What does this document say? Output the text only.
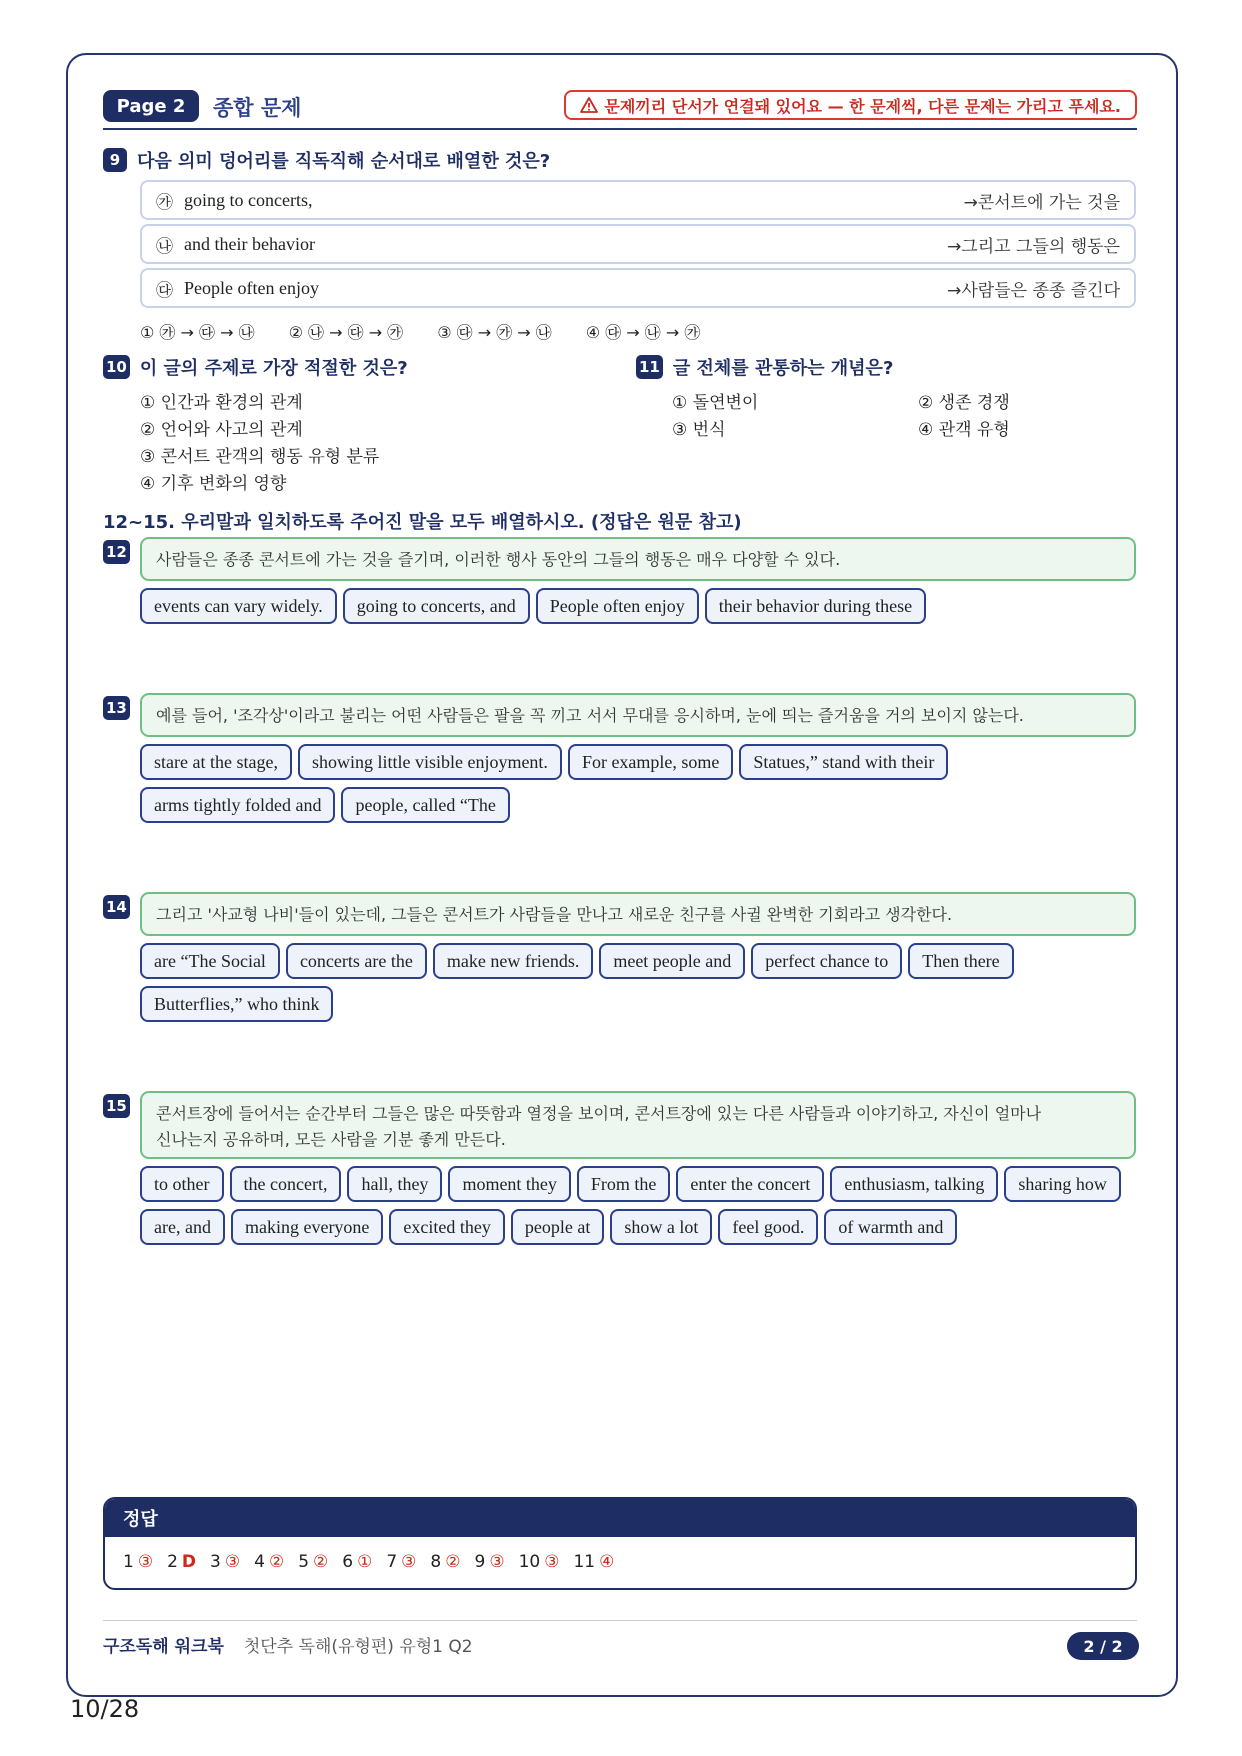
Page 2	종합 문제	문제끼리 단서가 연결돼 있어요 — 한 문제씩, 다른 문제는 가리고 푸세요.
9 다음 의미 덩어리를 직독직해 순서대로 배열한 것은?
㉮ going to concerts,	→콘서트에 가는 것을
㉯ and their behavior	→그리고 그들의 행동은
㉰ People often enjoy	→사람들은 종종 즐긴다
① ㉮ → ㉰ → ㉯ ② ㉯ → ㉰ → ㉮ ③ ㉰ → ㉮ → ㉯ ④ ㉰ → ㉯ → ㉮
10 이 글의 주제로 가장 적절한 것은?
① 인간과 환경의 관계
② 언어와 사고의 관계
③ 콘서트 관객의 행동 유형 분류
④ 기후 변화의 영향
11 글 전체를 관통하는 개념은?
① 돌연변이	② 생존 경쟁
③ 번식	④ 관객 유형
12~15. 우리말과 일치하도록 주어진 말을 모두 배열하시오. (정답은 원문 참고)
12	사람들은 종종 콘서트에 가는 것을 즐기며, 이러한 행사 동안의 그들의 행동은 매우 다양할 수 있다.
events can vary widely.	going to concerts, and	People often enjoy	their behavior during these
13	예를 들어, '조각상'이라고 불리는 어떤 사람들은 팔을 꼭 끼고 서서 무대를 응시하며, 눈에 띄는 즐거움을 거의 보이지 않는다.
stare at the stage,	showing little visible enjoyment.	For example, some	Statues,” stand with their
arms tightly folded and	people, called “The
14	그리고 '사교형 나비'들이 있는데, 그들은 콘서트가 사람들을 만나고 새로운 친구를 사귈 완벽한 기회라고 생각한다.
are “The Social	concerts are the	make new friends.	meet people and	perfect chance to	Then there
Butterflies,” who think
15 콘서트장에 들어서는 순간부터 그들은 많은 따뜻함과 열정을 보이며, 콘서트장에 있는 다른 사람들과 이야기하고, 자신이 얼마나
신나는지 공유하며, 모든 사람을 기분 좋게 만든다.
to other	the concert,	hall, they	moment they	From the	enter the concert	enthusiasm, talking	sharing how
are, and	making everyone	excited they	people at	show a lot	feel good.	of warmth and
정답
1 ③ 2 D 3 ③ 4 ② 5 ② 6 ① 7 ③ 8 ② 9 ③ 10 ③ 11 ④
구조독해 워크북 첫단추 독해(유형편) 유형1 Q2	2 / 2
10/28
